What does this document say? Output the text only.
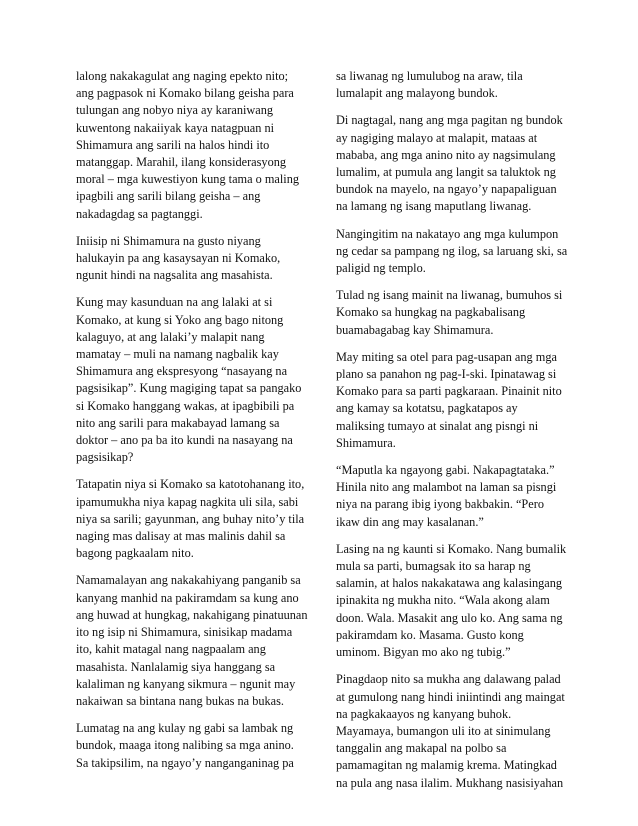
lalong nakakagulat ang naging epekto nito; ang pagpasok ni Komako bilang geisha para tulungan ang nobyo niya ay karaniwang kuwentong nakaiiyak kaya natagpuan ni Shimamura ang sarili na halos hindi ito matanggap. Marahil, ilang konsiderasyong moral – mga kuwestiyon kung tama o maling ipagbili ang sarili bilang geisha – ang nakadagdag sa pagtanggi.

Iniisip ni Shimamura na gusto niyang halukayin pa ang kasaysayan ni Komako, ngunit hindi na nagsalita ang masahista.

Kung may kasunduan na ang lalaki at si Komako, at kung si Yoko ang bago nitong kalaguyo, at ang lalaki’y malapit nang mamatay – muli na namang nagbalik kay Shimamura ang ekspresyong “nasayang na pagsisikap”. Kung magiging tapat sa pangako si Komako hanggang wakas, at ipagbibili pa nito ang sarili para makabayad lamang sa doktor – ano pa ba ito kundi na nasayang na pagsisikap?

Tatapatin niya si Komako sa katotohanang ito, ipamumukha niya kapag nagkita uli sila, sabi niya sa sarili; gayunman, ang buhay nito’y tila naging mas dalisay at mas malinis dahil sa bagong pagkaalam nito.

Namamalayan ang nakakahiyang panganib sa kanyang manhid na pakiramdam sa kung ano ang huwad at hungkag, nakahigang pinatuunan ito ng isip ni Shimamura, sinisikap madama ito, kahit matagal nang nagpaalam ang masahista. Nanlalamig siya hanggang sa kalaliman ng kanyang sikmura – ngunit may nakaiwan sa bintana nang bukas na bukas.

Lumatag na ang kulay ng gabi sa lambak ng bundok, maaga itong nalibing sa mga anino. Sa takipsilim, na ngayo’y nanganganinag pa

sa liwanag ng lumulubog na araw, tila lumalapit ang malayong bundok.

Di nagtagal, nang ang mga pagitan ng bundok ay nagiging malayo at malapit, mataas at mababa, ang mga anino nito ay nagsimulang lumalim, at pumula ang langit sa taluktok ng bundok na mayelo, na ngayo’y napapaliguan na lamang ng isang maputlang liwanag.

Nangingitim na nakatayo ang mga kulumpon ng cedar sa pampang ng ilog, sa laruang ski, sa paligid ng templo.

Tulad ng isang mainit na liwanag, bumuhos si Komako sa hungkag na pagkabalisang buamabagabag kay Shimamura.

May miting sa otel para pag-usapan ang mga plano sa panahon ng pag-I-ski. Ipinatawag si Komako para sa parti pagkaraan. Pinainit nito ang kamay sa kotatsu, pagkatapos ay maliksing tumayo at sinalat ang pisngi ni Shimamura.

“Maputla ka ngayong gabi. Nakapagtataka.” Hinila nito ang malambot na laman sa pisngi niya na parang ibig iyong bakbakin. “Pero ikaw din ang may kasalanan.”

Lasing na ng kaunti si Komako. Nang bumalik mula sa parti, bumagsak ito sa harap ng salamin, at halos nakakatawa ang kalasingang ipinakita ng mukha nito. “Wala akong alam doon. Wala. Masakit ang ulo ko. Ang sama ng pakiramdam ko. Masama. Gusto kong uminom. Bigyan mo ako ng tubig.”

Pinagdaop nito sa mukha ang dalawang palad at gumulong nang hindi iniintindi ang maingat na pagkakaayos ng kanyang buhok. Mayamaya, bumangon uli ito at sinimulang tanggalin ang makapal na polbo sa pamamagitan ng malamig krema. Matingkad na pula ang nasa ilalim. Mukhang nasisiyahan
